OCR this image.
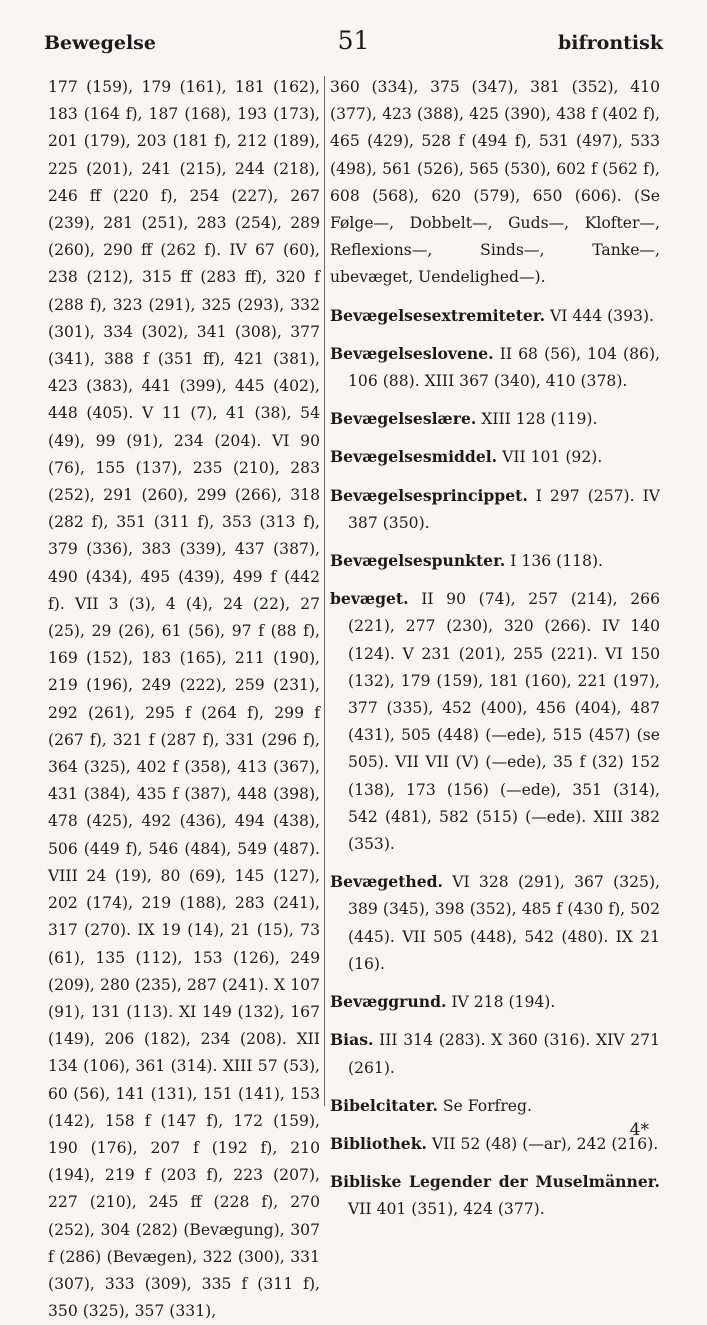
Bewegelse	51	bifrontisk

177 (159), 179 (161), 181 (162), 183 (164 f), 187 (168), 193 (173), 201 (179), 203 (181 f), 212 (189), 225 (201), 241 (215), 244 (218), 246 ff (220 f), 254 (227), 267 (239), 281 (251), 283 (254), 289 (260), 290 ff (262 f). IV 67 (60), 238 (212), 315 ff (283 ff), 320 f (288 f), 323 (291), 325 (293), 332 (301), 334 (302), 341 (308), 377 (341), 388 f (351 ff), 421 (381), 423 (383), 441 (399), 445 (402), 448 (405). V 11 (7), 41 (38), 54 (49), 99 (91), 234 (204). VI 90 (76), 155 (137), 235 (210), 283 (252), 291 (260), 299 (266), 318 (282 f), 351 (311 f), 353 (313 f), 379 (336), 383 (339), 437 (387), 490 (434), 495 (439), 499 f (442 f). VII 3 (3), 4 (4), 24 (22), 27 (25), 29 (26), 61 (56), 97 f (88 f), 169 (152), 183 (165), 211 (190), 219 (196), 249 (222), 259 (231), 292 (261), 295 f (264 f), 299 f (267 f), 321 f (287 f), 331 (296 f), 364 (325), 402 f (358), 413 (367), 431 (384), 435 f (387), 448 (398), 478 (425), 492 (436), 494 (438), 506 (449 f), 546 (484), 549 (487). VIII 24 (19), 80 (69), 145 (127), 202 (174), 219 (188), 283 (241), 317 (270). IX 19 (14), 21 (15), 73 (61), 135 (112), 153 (126), 249 (209), 280 (235), 287 (241). X 107 (91), 131 (113). XI 149 (132), 167 (149), 206 (182), 234 (208). XII 134 (106), 361 (314). XIII 57 (53), 60 (56), 141 (131), 151 (141), 153 (142), 158 f (147 f), 172 (159), 190 (176), 207 f (192 f), 210 (194), 219 f (203 f), 223 (207), 227 (210), 245 ff (228 f), 270 (252), 304 (282) (Bevægung), 307 f (286) (Bevægen), 322 (300), 331 (307), 333 (309), 335 f (311 f), 350 (325), 357 (331),

360 (334), 375 (347), 381 (352), 410 (377), 423 (388), 425 (390), 438 f (402 f), 465 (429), 528 f (494 f), 531 (497), 533 (498), 561 (526), 565 (530), 602 f (562 f), 608 (568), 620 (579), 650 (606). (Se Følge—, Dobbelt—, Guds—, Klofter—, Reflexions—, Sinds—, Tanke—, ubevæget, Uendelighed—).

Bevægelsesextremiteter. VI 444 (393).

Bevægelseslovene. II 68 (56), 104 (86), 106 (88). XIII 367 (340), 410 (378).

Bevægelseslære. XIII 128 (119).

Bevægelsesmiddel. VII 101 (92).

Bevægelsesprincippet. I 297 (257). IV 387 (350).

Bevægelsespunkter. I 136 (118).

bevæget. II 90 (74), 257 (214), 266 (221), 277 (230), 320 (266). IV 140 (124). V 231 (201), 255 (221). VI 150 (132), 179 (159), 181 (160), 221 (197), 377 (335), 452 (400), 456 (404), 487 (431), 505 (448) (—ede), 515 (457) (se 505). VII VII (V) (—ede), 35 f (32) 152 (138), 173 (156) (—ede), 351 (314), 542 (481), 582 (515) (—ede). XIII 382 (353).

Bevægethed. VI 328 (291), 367 (325), 389 (345), 398 (352), 485 f (430 f), 502 (445). VII 505 (448), 542 (480). IX 21 (16).

Bevæggrund. IV 218 (194).

Bias. III 314 (283). X 360 (316). XIV 271 (261).

Bibelcitater. Se Forfreg.

Bibliothek. VII 52 (48) (—ar), 242 (216).

Bibliske Legender der Muselmänner. VII 401 (351), 424 (377).

4*
